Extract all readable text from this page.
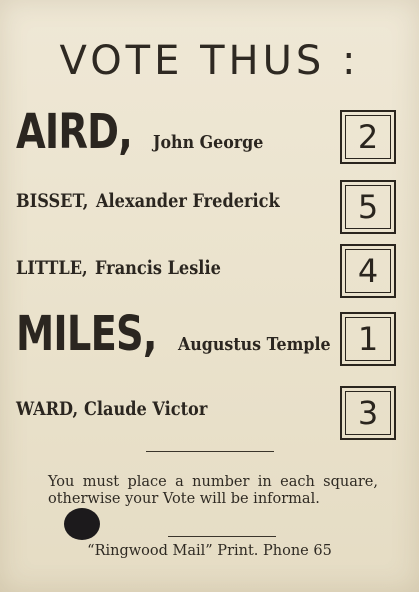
VOTE THUS :
AIRD, John George	2
BISSET, Alexander Frederick 5
LITTLE, Francis Leslie	4
MILES, Augustus Temple 1
WARD, Claude Victor	3
You must place a number in each square, otherwise your Vote will be informal.
“Ringwood Mail” Print. Phone 65
